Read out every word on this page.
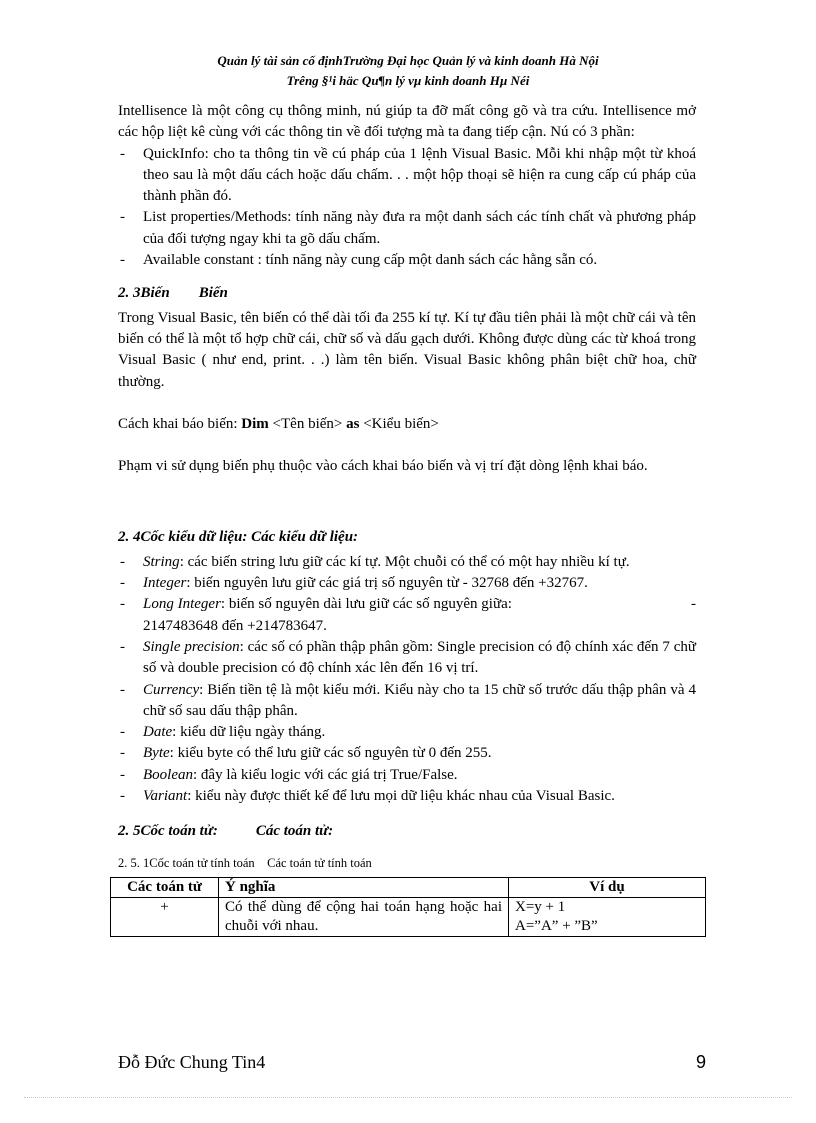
Quản lý tài sản cố địnhTrường Đại học Quản lý và kinh doanh Hà Nội
Trêng §¹i häc Qu¶n lý vµ kinh doanh Hµ Néi

Intellisence là một công cụ thông minh, nú giúp ta đỡ mất công gõ và tra cứu. Intellisence mở các hộp liệt kê cùng với các thông tin về đối tượng mà ta đang tiếp cận. Nú có 3 phần:

- QuickInfo: cho ta thông tin về cú pháp của 1 lệnh Visual Basic. Mỗi khi nhập một từ khoá theo sau là một dấu cách hoặc dấu chấm. . . một hộp thoại sẽ hiện ra cung cấp cú pháp của thành phần đó.
- List properties/Methods: tính năng này đưa ra một danh sách các tính chất và phương pháp của đối tượng ngay khi ta gõ dấu chấm.
- Available constant : tính năng này cung cấp một danh sách các hằng sẵn có.
2. 3Biến Biến

Trong Visual Basic, tên biến có thể dài tối đa 255 kí tự. Kí tự đầu tiên phải là một chữ cái và tên biến có thể là một tổ hợp chữ cái, chữ số và dấu gạch dưới. Không được dùng các từ khoá trong Visual Basic ( như end, print. . .) làm tên biến. Visual Basic không phân biệt chữ hoa, chữ thường.

Cách khai báo biến: Dim <Tên biến> as <Kiểu biến>

Phạm vi sử dụng biến phụ thuộc vào cách khai báo biến và vị trí đặt dòng lệnh khai báo.

2. 4Cốc kiểu dữ liệu: Các kiểu dữ liệu:
- String: các biến string lưu giữ các kí tự. Một chuỗi có thể có một hay nhiều kí tự.
- Integer: biến nguyên lưu giữ các giá trị số nguyên từ - 32768 đến +32767.
- Long Integer: biến số nguyên dài lưu giữ các số nguyên giữa:	-
2147483648 đến +214783647.
- Single precision: các số có phần thập phân gồm: Single precision có độ chính xác đến 7 chữ số và double precision có độ chính xác lên đến 16 vị trí.
- Currency: Biến tiền tệ là một kiểu mới. Kiểu này cho ta 15 chữ số trước dấu thập phân và 4 chữ số sau dấu thập phân.
- Date: kiểu dữ liệu ngày tháng.
- Byte: kiểu byte có thể lưu giữ các số nguyên từ 0 đến 255.
- Boolean: đây là kiểu logic với các giá trị True/False.
- Variant: kiểu này được thiết kế để lưu mọi dữ liệu khác nhau của Visual Basic.
2. 5Cốc toán tử:	Các toán tử:
2. 5. 1Cốc toán tử tính toán Các toán tử tính toán
Các toán tử	Ý nghĩa	Ví dụ
+	Có thể dùng để cộng hai toán hạng hoặc hai chuỗi với nhau.	X=y + 1
A=”A” + ”B”
Đỗ Đức Chung Tin4	9
